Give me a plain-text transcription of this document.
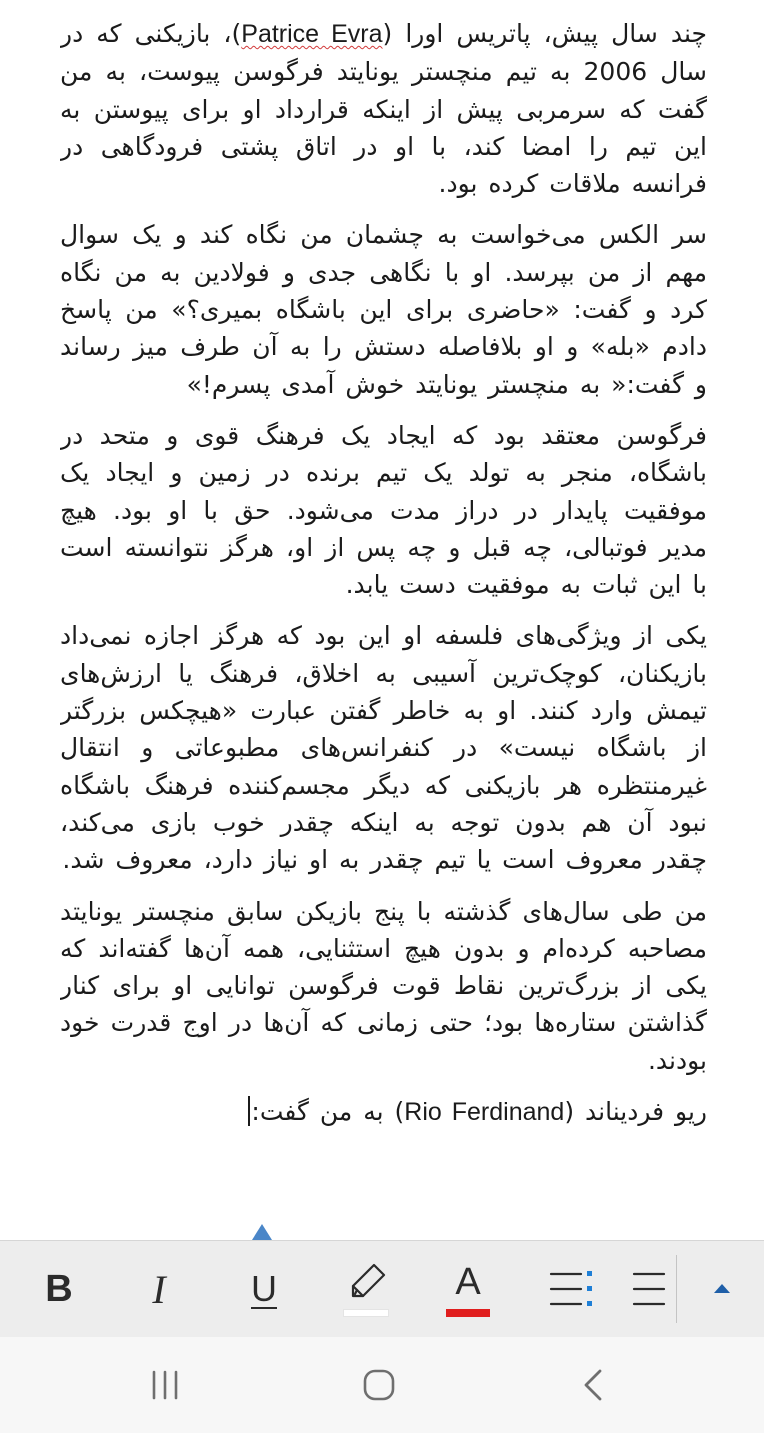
چند سال پیش، پاتریس اورا (Patrice Evra)، بازیکنی که در سال 2006 به تیم منچستر یونایتد فرگوسن پیوست، به من گفت که سرمربی پیش از اینکه قرارداد او برای پیوستن به این تیم را امضا کند، با او در اتاق پشتی فرودگاهی در فرانسه ملاقات کرده بود.

سر الکس می‌خواست به چشمان من نگاه کند و یک سوال مهم از من بپرسد. او با نگاهی جدی و فولادین به من نگاه کرد و گفت: «حاضری برای این باشگاه بمیری؟» من پاسخ دادم «بله» و او بلافاصله دستش را به آن طرف میز رساند و گفت:« به منچستر یونایتد خوش آمدی پسرم!»

فرگوسن معتقد بود که ایجاد یک فرهنگ قوی و متحد در باشگاه، منجر به تولد یک تیم برنده در زمین و ایجاد یک موفقیت پایدار در دراز مدت می‌شود. حق با او بود. هیچ مدیر فوتبالی، چه قبل و چه پس از او، هرگز نتوانسته است با این ثبات به موفقیت دست یابد.

یکی از ویژگی‌های فلسفه او این بود که هرگز اجازه نمی‌داد بازیکنان، کوچک‌ترین آسیبی به اخلاق، فرهنگ یا ارزش‌های تیمش وارد کنند. او به خاطر گفتن عبارت «هیچکس بزرگتر از باشگاه نیست» در کنفرانس‌های مطبوعاتی و انتقال غیرمنتظره هر بازیکنی که دیگر مجسم‌کننده فرهنگ باشگاه نبود آن هم بدون توجه به اینکه چقدر خوب بازی می‌کند، چقدر معروف است یا تیم چقدر به او نیاز دارد، معروف شد.

من طی سال‌های گذشته با پنج بازیکن سابق منچستر یونایتد مصاحبه کرده‌ام و بدون هیچ استثنایی، همه آن‌ها گفته‌اند که یکی از بزرگ‌ترین نقاط قوت فرگوسن توانایی او برای کنار گذاشتن ستاره‌ها بود؛ حتی زمانی که آن‌ها در اوج قدرت خود بودند.

ریو فردیناند (Rio Ferdinand) به من گفت:

B I U	A
